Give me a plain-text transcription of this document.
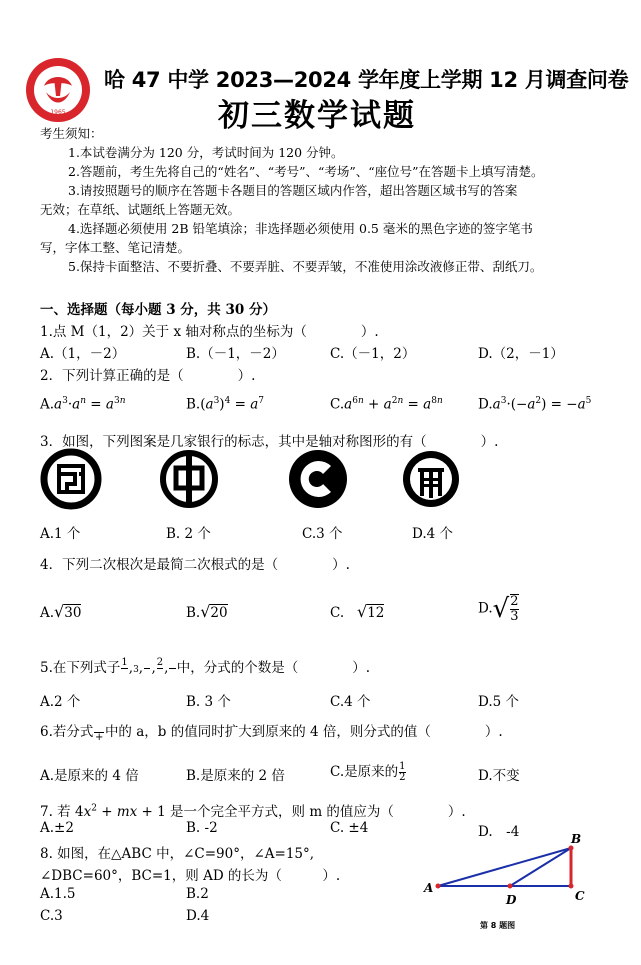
1965
哈 47 中学 2023—2024 学年度上学期 12 月调查问卷
初三数学试题
考生须知：
1.本试卷满分为 120 分，考试时间为 120 分钟。
2.答题前，考生先将自己的“姓名”、“考号”、“考场”、“座位号”在答题卡上填写清楚。
3.请按照题号的顺序在答题卡各题目的答题区域内作答，超出答题区域书写的答案
无效；在草纸、试题纸上答题无效。
4.选择题必须使用 2B 铅笔填涂；非选择题必须使用 0.5 毫米的黑色字迹的签字笔书
写，字体工整、笔记清楚。
5.保持卡面整洁、不要折叠、不要弄脏、不要弄皱，不准使用涂改液修正带、刮纸刀。
一、选择题（每小题 3 分，共 30 分）
1.点 M（1，2）关于 x 轴对称点的坐标为（　　　　）.
A.（1，－2）	B.（－1，－2）	C.（－1，2）	D.（2，－1）
2．下列计算正确的是（　　　　）.
$A.a^3\cdot a^n = a^{3n}$	$B.(a^3)^4 = a^7$	$C.a^{6n} + a^{2n} = a^{8n}$	$D.a^3\cdot(-a^2) = -a^5$
3．如图，下列图案是几家银行的标志，其中是轴对称图形的有（　　　　）.
A.1 个	B. 2 个	C.3 个	D.4 个
4．下列二次根次是最简二次根式的是（　　　　）.
A.√30	B.√20	C. √12	$D.√ \frac{2}{3}$
5.在下列式子 1
,3,

, 2
,

中，分式的个数是（　　　　）.
A.2 个	B. 3 个	C.4 个	D.5 个
6.若分式
+ 中的 a，b 的值同时扩大到原来的 4 倍，则分式的值（　　　　）.
A.是原来的 4 倍	B.是原来的 2 倍	C.是原来的 $\frac{1}{2}$	D.不变
7. 若 $4x^2$ + mx + 1 是一个完全平方式，则 m 的值应为（　　　　）.
A.±2	B. -2	C. ±4	D.　-4
8. 如图，在△ABC 中，∠C=90°，∠A=15°,
∠DBC=60°，BC=1，则 AD 的长为（　　　）.
A.1.5	B.2
C.3	D.4
A
B
C
D
第 8 题图
